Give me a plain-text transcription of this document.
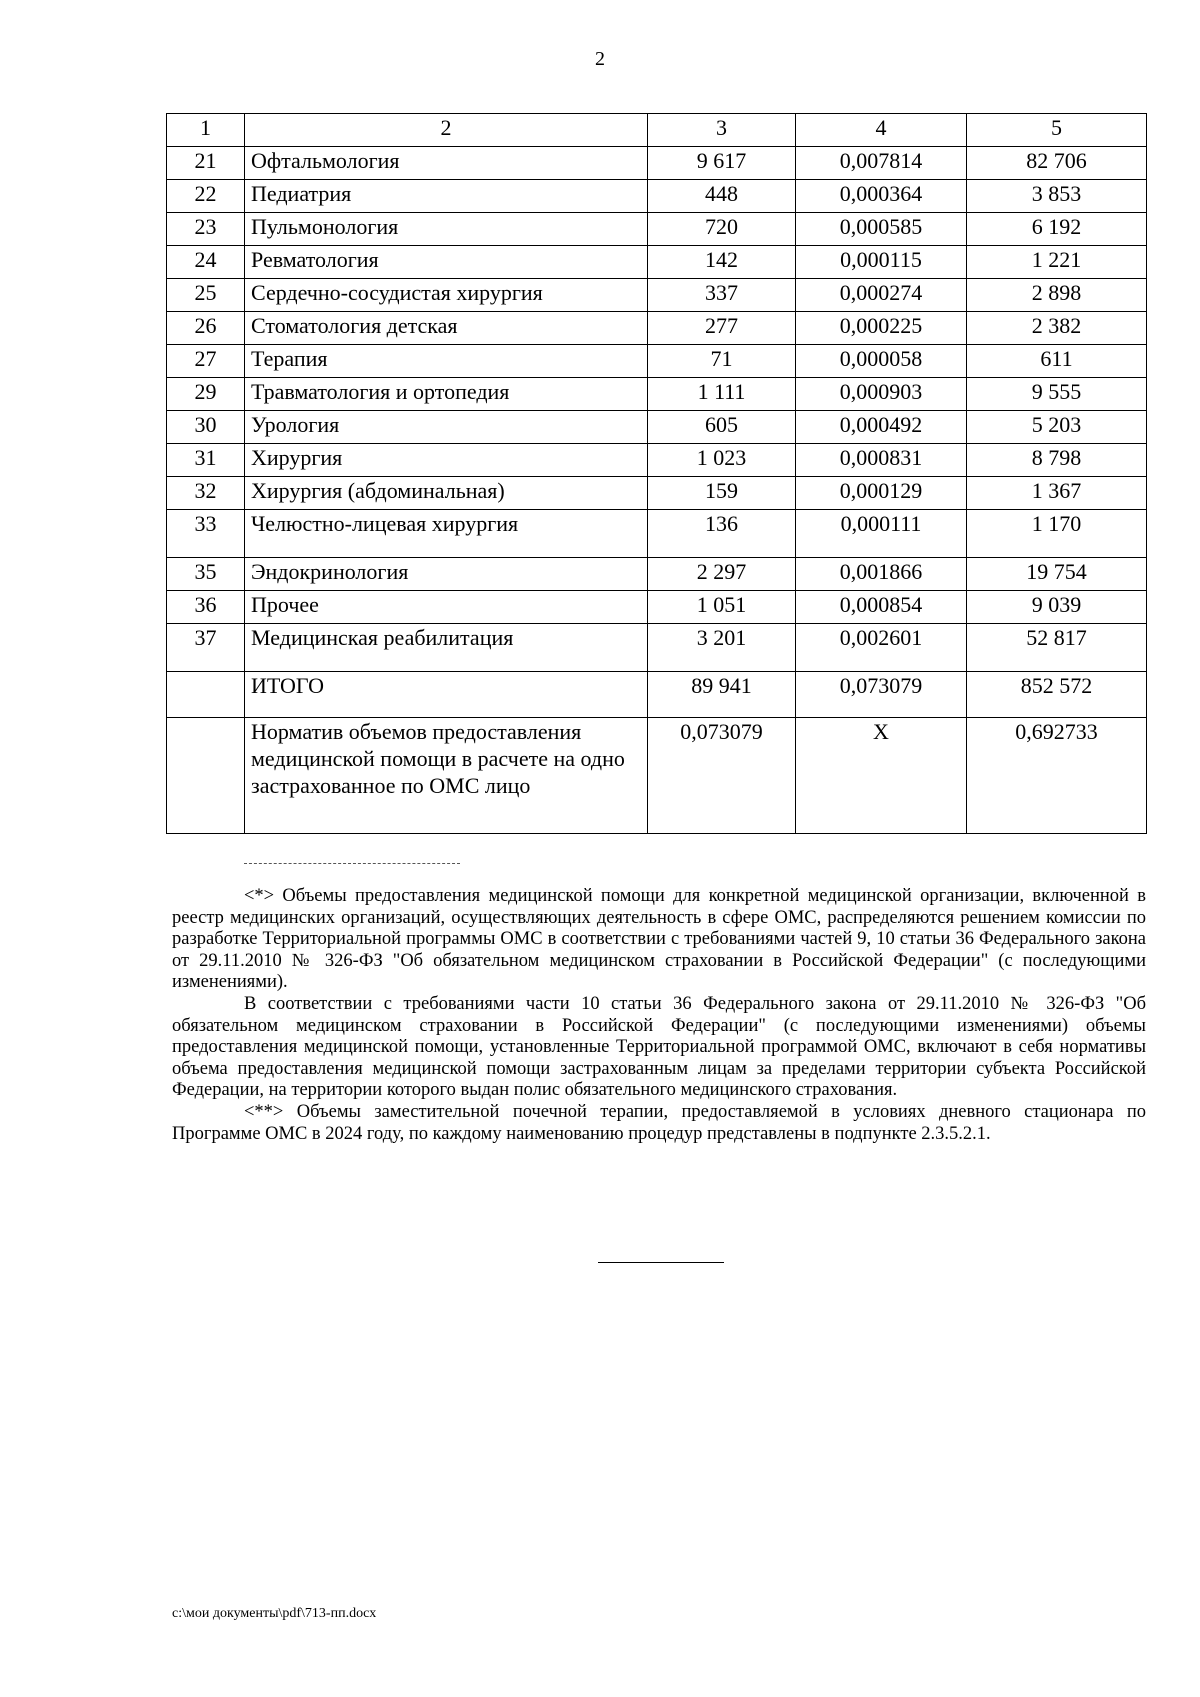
2
1	2	3	4	5
21	Офтальмология	9 617	0,007814	82 706
22	Педиатрия	448	0,000364	3 853
23	Пульмонология	720	0,000585	6 192
24	Ревматология	142	0,000115	1 221
25	Сердечно-сосудистая хирургия	337	0,000274	2 898
26	Стоматология детская	277	0,000225	2 382
27	Терапия	71	0,000058	611
29	Травматология и ортопедия	1 111	0,000903	9 555
30	Урология	605	0,000492	5 203
31	Хирургия	1 023	0,000831	8 798
32	Хирургия (абдоминальная)	159	0,000129	1 367
33	Челюстно-лицевая хирургия	136	0,000111	1 170
35	Эндокринология	2 297	0,001866	19 754
36	Прочее	1 051	0,000854	9 039
37	Медицинская реабилитация	3 201	0,002601	52 817
	ИТОГО	89 941	0,073079	852 572
	Норматив объемов предоставления медицинской помощи в расчете на одно застрахованное по ОМС лицо	0,073079	X	0,692733

<*> Объемы предоставления медицинской помощи для конкретной медицинской организации, включенной в реестр медицинских организаций, осуществляющих деятельность в сфере ОМС, распределяются решением комиссии по разработке Территориальной программы ОМС в соответствии с требованиями частей 9, 10 статьи 36 Федерального закона от 29.11.2010 № 326-ФЗ "Об обязательном медицинском страховании в Российской Федерации" (с последующими изменениями).

В соответствии с требованиями части 10 статьи 36 Федерального закона от 29.11.2010 № 326-ФЗ "Об обязательном медицинском страховании в Российской Федерации" (с последующими изменениями) объемы предоставления медицинской помощи, установленные Территориальной программой ОМС, включают в себя нормативы объема предоставления медицинской помощи застрахованным лицам за пределами территории субъекта Российской Федерации, на территории которого выдан полис обязательного медицинского страхования.

<**> Объемы заместительной почечной терапии, предоставляемой в условиях дневного стационара по Программе ОМС в 2024 году, по каждому наименованию процедур представлены в подпункте 2.3.5.2.1.

c:\мои документы\pdf\713-пп.docx
